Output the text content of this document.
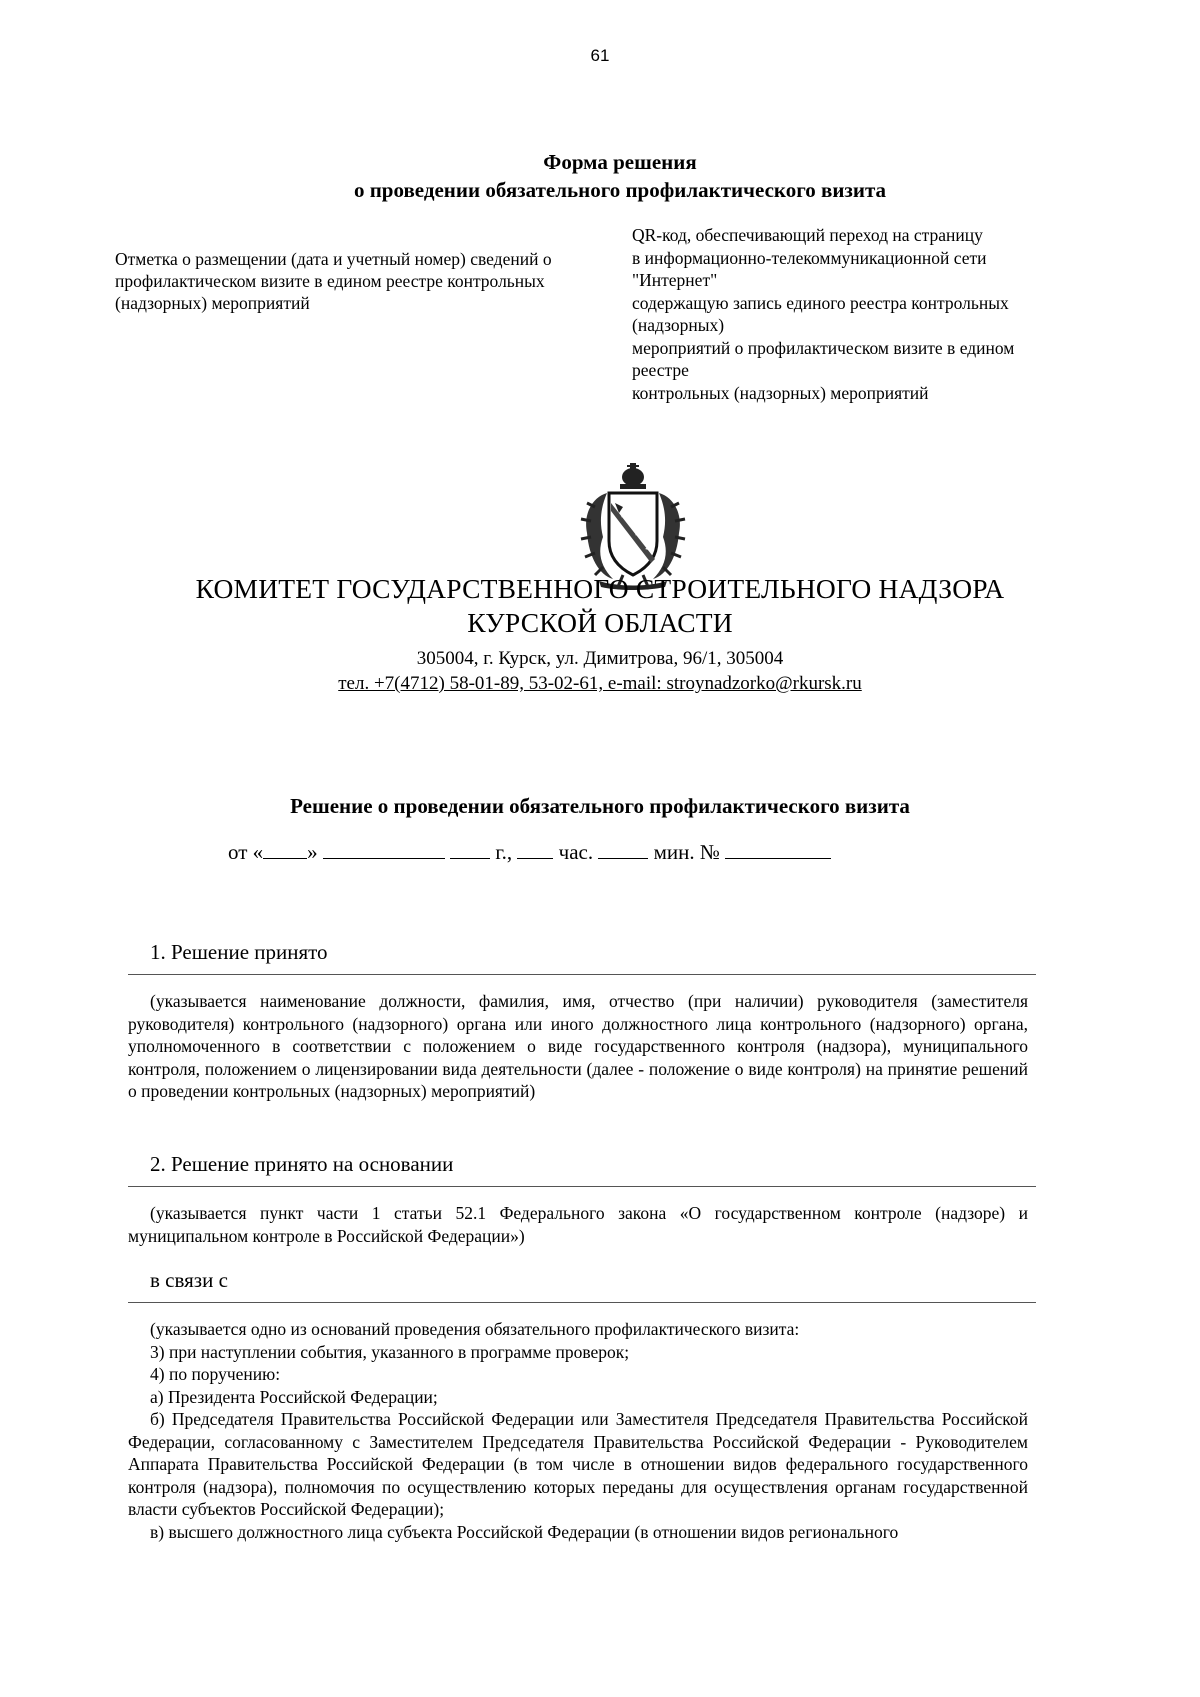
61
Форма решения
о проведении обязательного профилактического визита
Отметка о размещении (дата и учетный номер) сведений о профилактическом визите в едином реестре контрольных (надзорных) мероприятий
QR-код, обеспечивающий переход на страницу
в информационно-телекоммуникационной сети
"Интернет"
содержащую запись единого реестра контрольных
(надзорных)
мероприятий о профилактическом визите в едином
реестре
контрольных (надзорных) мероприятий
КОМИТЕТ ГОСУДАРСТВЕННОГО СТРОИТЕЛЬНОГО НАДЗОРА
КУРСКОЙ ОБЛАСТИ
305004, г. Курск, ул. Димитрова, 96/1, 305004
тел. +7(4712) 58-01-89, 53-02-61, e-mail: stroynadzorko@rkursk.ru
Решение о проведении обязательного профилактического визита
от « »	г., час.	мин. №
1. Решение принято
(указывается наименование должности, фамилия, имя, отчество (при наличии) руководителя (заместителя руководителя) контрольного (надзорного) органа или иного должностного лица контрольного (надзорного) органа, уполномоченного в соответствии с положением о виде государственного контроля (надзора), муниципального контроля, положением о лицензировании вида деятельности (далее - положение о виде контроля) на принятие решений о проведении контрольных (надзорных) мероприятий)
2. Решение принято на основании
(указывается пункт части 1 статьи 52.1 Федерального закона «О государственном контроле (надзоре) и муниципальном контроле в Российской Федерации»)
в связи с

(указывается одно из оснований проведения обязательного профилактического визита:

3) при наступлении события, указанного в программе проверок;

4) по поручению:

а) Президента Российской Федерации;

б) Председателя Правительства Российской Федерации или Заместителя Председателя Правительства Российской Федерации, согласованному с Заместителем Председателя Правительства Российской Федерации - Руководителем Аппарата Правительства Российской Федерации (в том числе в отношении видов федерального государственного контроля (надзора), полномочия по осуществлению которых переданы для осуществления органам государственной власти субъектов Российской Федерации);

в) высшего должностного лица субъекта Российской Федерации (в отношении видов регионального
